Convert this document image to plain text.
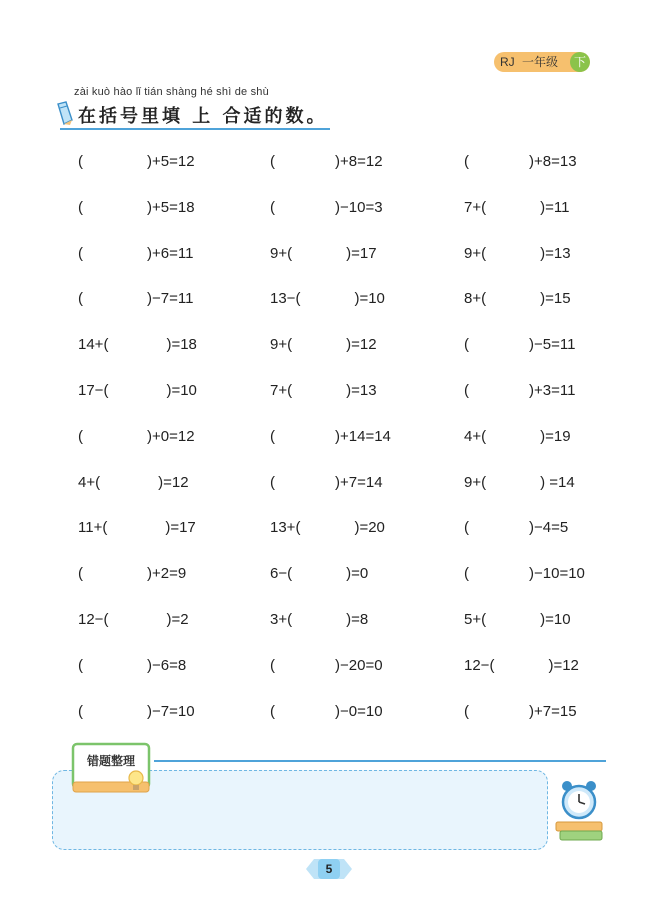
RJ 一年级	下
zài kuò hào lǐ tián shàng hé shì de shù
在括号里填 上 合适的数。
(	)+5=12	(	)+8=12	(	)+8=13
(	)+5=18	(	)−10=3	7+(	)=11
(	)+6=11	9+(	)=17	9+(	)=13
(	)−7=11	13−(	)=10	8+(	)=15
14+(	)=18	9+(	)=12	(	)−5=11
17−(	)=10	7+(	)=13	(	)+3=11
(	)+0=12	(	)+14=14	4+(	)=19
4+(	)=12	(	)+7=14	9+(	) =14
11+(	)=17	13+(	)=20	(	)−4=5
(	)+2=9	6−(	)=0	(	)−10=10
12−(	)=2	3+(	)=8	5+(	)=10
(	)−6=8	(	)−20=0	12−(	)=12
(	)−7=10	(	)−0=10	(	)+7=15
错题整理
5
